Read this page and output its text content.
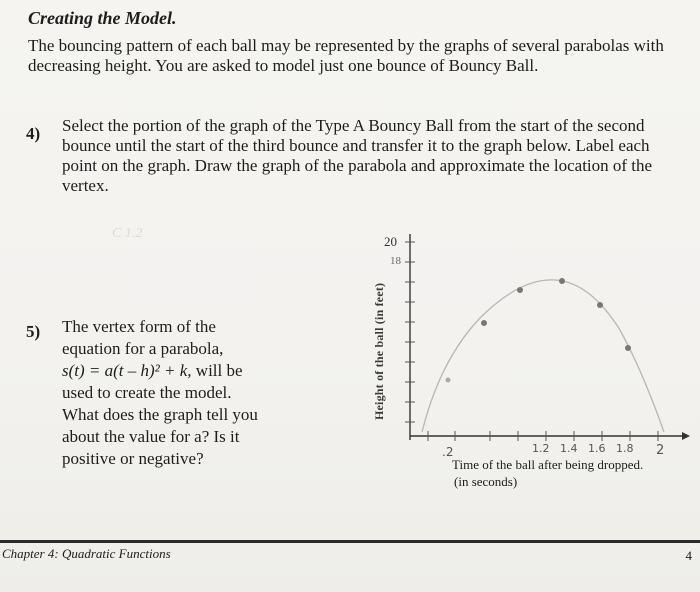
Creating the Model.
The bouncing pattern of each ball may be represented by the graphs of several parabolas with decreasing height. You are asked to model just one bounce of Bouncy Ball.
4) Select the portion of the graph of the Type A Bouncy Ball from the start of the second bounce until the start of the third bounce and transfer it to the graph below. Label each point on the graph. Draw the graph of the parabola and approximate the location of the vertex.
C 1.2
5) The vertex form of the
equation for a parabola,
s(t) = a(t – h)² + k, will be
used to create the model.
What does the graph tell you
about the value for a? Is it
positive or negative?
20
18
.2	1.2 1.4 1.6 1.8 2
Height of the ball (in feet)
Time of the ball after being dropped.
(in seconds)
Chapter 4: Quadratic Functions	4
